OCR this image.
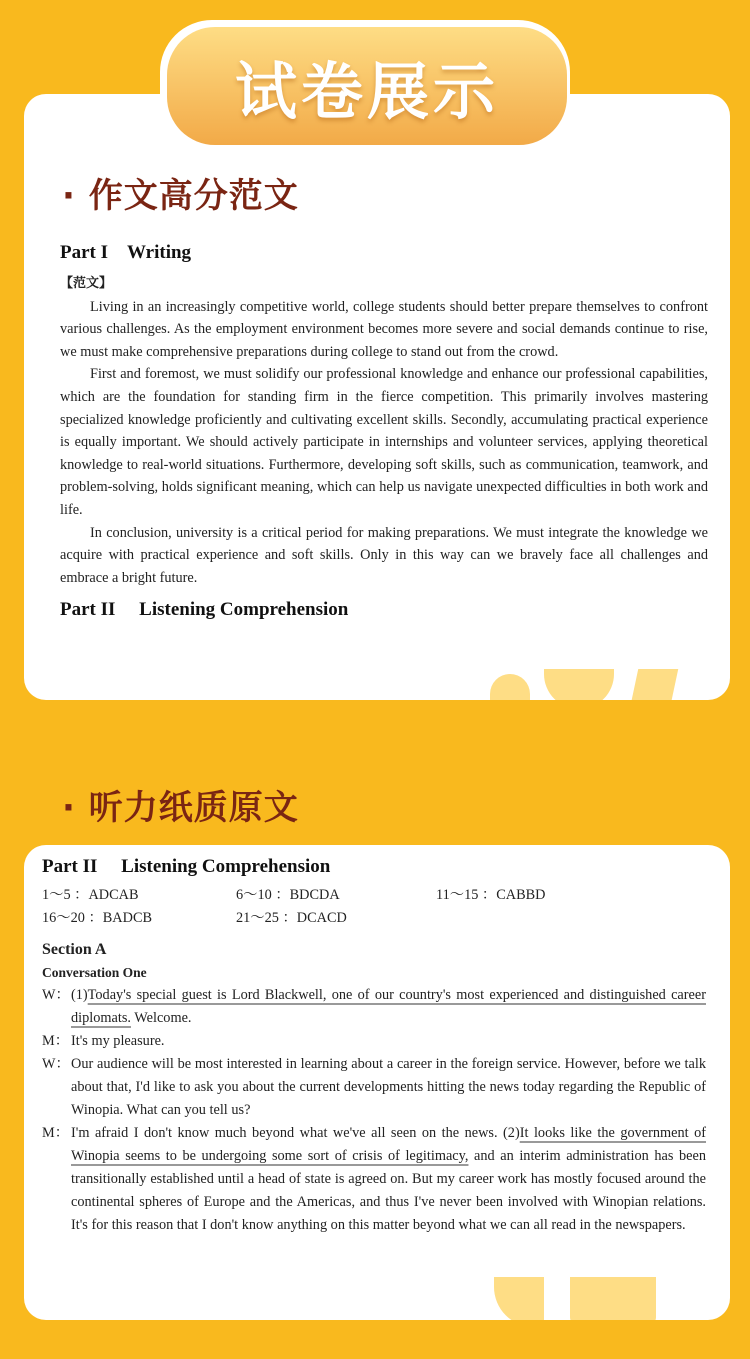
Part I　Writing
【范文】

Living in an increasingly competitive world, college students should better prepare themselves to confront various challenges. As the employment environment becomes more severe and social demands continue to rise, we must make comprehensive preparations during college to stand out from the crowd.

First and foremost, we must solidify our professional knowledge and enhance our professional capabilities, which are the foundation for standing firm in the fierce competition. This primarily involves mastering specialized knowledge proficiently and cultivating excellent skills. Secondly, accumulating practical experience is equally important. We should actively participate in internships and volunteer services, applying theoretical knowledge to real-world situations. Furthermore, developing soft skills, such as communication, teamwork, and problem-solving, holds significant meaning, which can help us navigate unexpected difficulties in both work and life.

In conclusion, university is a critical period for making preparations. We must integrate the knowledge we acquire with practical experience and soft skills. Only in this way can we bravely face all challenges and embrace a bright future.

Part II　 Listening Comprehension
试卷展示
· 作文高分范文
· 听力纸质原文
Part II　 Listening Comprehension
1～5 ：ADCAB	6～10 ：BDCDA	11～15 ：CABBD
16～20 ：BADCB	21～25 ：DCACD
Section A
Conversation One
W： (1)Today's special guest is Lord Blackwell, one of our country's most experienced and distinguished career diplomats. Welcome.
M： It's my pleasure.
W： Our audience will be most interested in learning about a career in the foreign service. However, before we talk about that, I'd like to ask you about the current developments hitting the news today regarding the Republic of Winopia. What can you tell us?
M： I'm afraid I don't know much beyond what we've all seen on the news. (2)It looks like the government of Winopia seems to be undergoing some sort of crisis of legitimacy, and an interim administration has been transitionally established until a head of state is agreed on. But my career work has mostly focused around the continental spheres of Europe and the Americas, and thus I've never been involved with Winopian relations. It's for this reason that I don't know anything on this matter beyond what we can all read in the newspapers.
